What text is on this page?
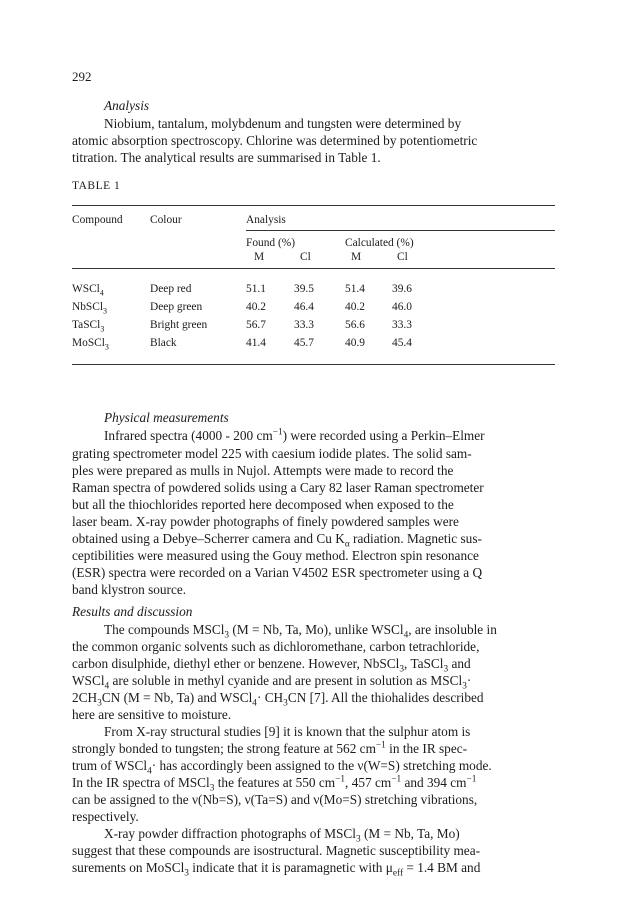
292
Analysis
Niobium, tantalum, molybdenum and tungsten were determined by
atomic absorption spectroscopy. Chlorine was determined by potentiometric
titration. The analytical results are summarised in Table 1.
TABLE 1
Compound Colour	Analysis
Found (%)	Calculated (%)
M	Cl	M	Cl
WSCl$_4$	Deep red	51.1 39.5	51.4 39.6
NbSCl$_3$	Deep green	40.2 46.4	40.2 46.0
TaSCl$_3$	Bright green	56.7 33.3	56.6 33.3
MoSCl$_3$	Black	41.4 45.7	40.9 45.4
Physical measurements
Infrared spectra (4000 - 200 $cm^{-1}$) were recorded using a Perkin–Elmer
grating spectrometer model 225 with caesium iodide plates. The solid sam-
ples were prepared as mulls in Nujol. Attempts were made to record the
Raman spectra of powdered solids using a Cary 82 laser Raman spectrometer
but all the thiochlorides reported here decomposed when exposed to the
laser beam. X-ray powder photographs of finely powdered samples were
obtained using a Debye–Scherrer camera and Cu $K_\alpha$ radiation. Magnetic sus-
ceptibilities were measured using the Gouy method. Electron spin resonance
(ESR) spectra were recorded on a Varian V4502 ESR spectrometer using a Q
band klystron source.
Results and discussion
The compounds MSCl$_3$ (M = Nb, Ta, Mo), unlike WSCl$_4$, are insoluble in
the common organic solvents such as dichloromethane, carbon tetrachloride,
carbon disulphide, diethyl ether or benzene. However, NbSCl$_3$, TaSCl$_3$ and
WSCl$_4$ are soluble in methyl cyanide and are present in solution as MSCl$_3$·
$2CH_3CN$ (M = Nb, Ta) and WSCl$_4$· $CH_3CN$ [7]. All the thiohalides described
here are sensitive to moisture.
From X-ray structural studies [9] it is known that the sulphur atom is
strongly bonded to tungsten; the strong feature at 562 $cm^{-1}$ in the IR spec-
trum of WSCl$_4$· has accordingly been assigned to the ν(W=S) stretching mode.
In the IR spectra of MSCl$_3$ the features at 550 $cm^{-1}$, 457 $cm^{-1}$ and 394 $cm^{-1}$
can be assigned to the ν(Nb=S), ν(Ta=S) and ν(Mo=S) stretching vibrations,
respectively.
X-ray powder diffraction photographs of MSCl$_3$ (M = Nb, Ta, Mo)
suggest that these compounds are isostructural. Magnetic susceptibility mea-
surements on MoSCl$_3$ indicate that it is paramagnetic with $\mu_{eff} = 1.4$ BM and
